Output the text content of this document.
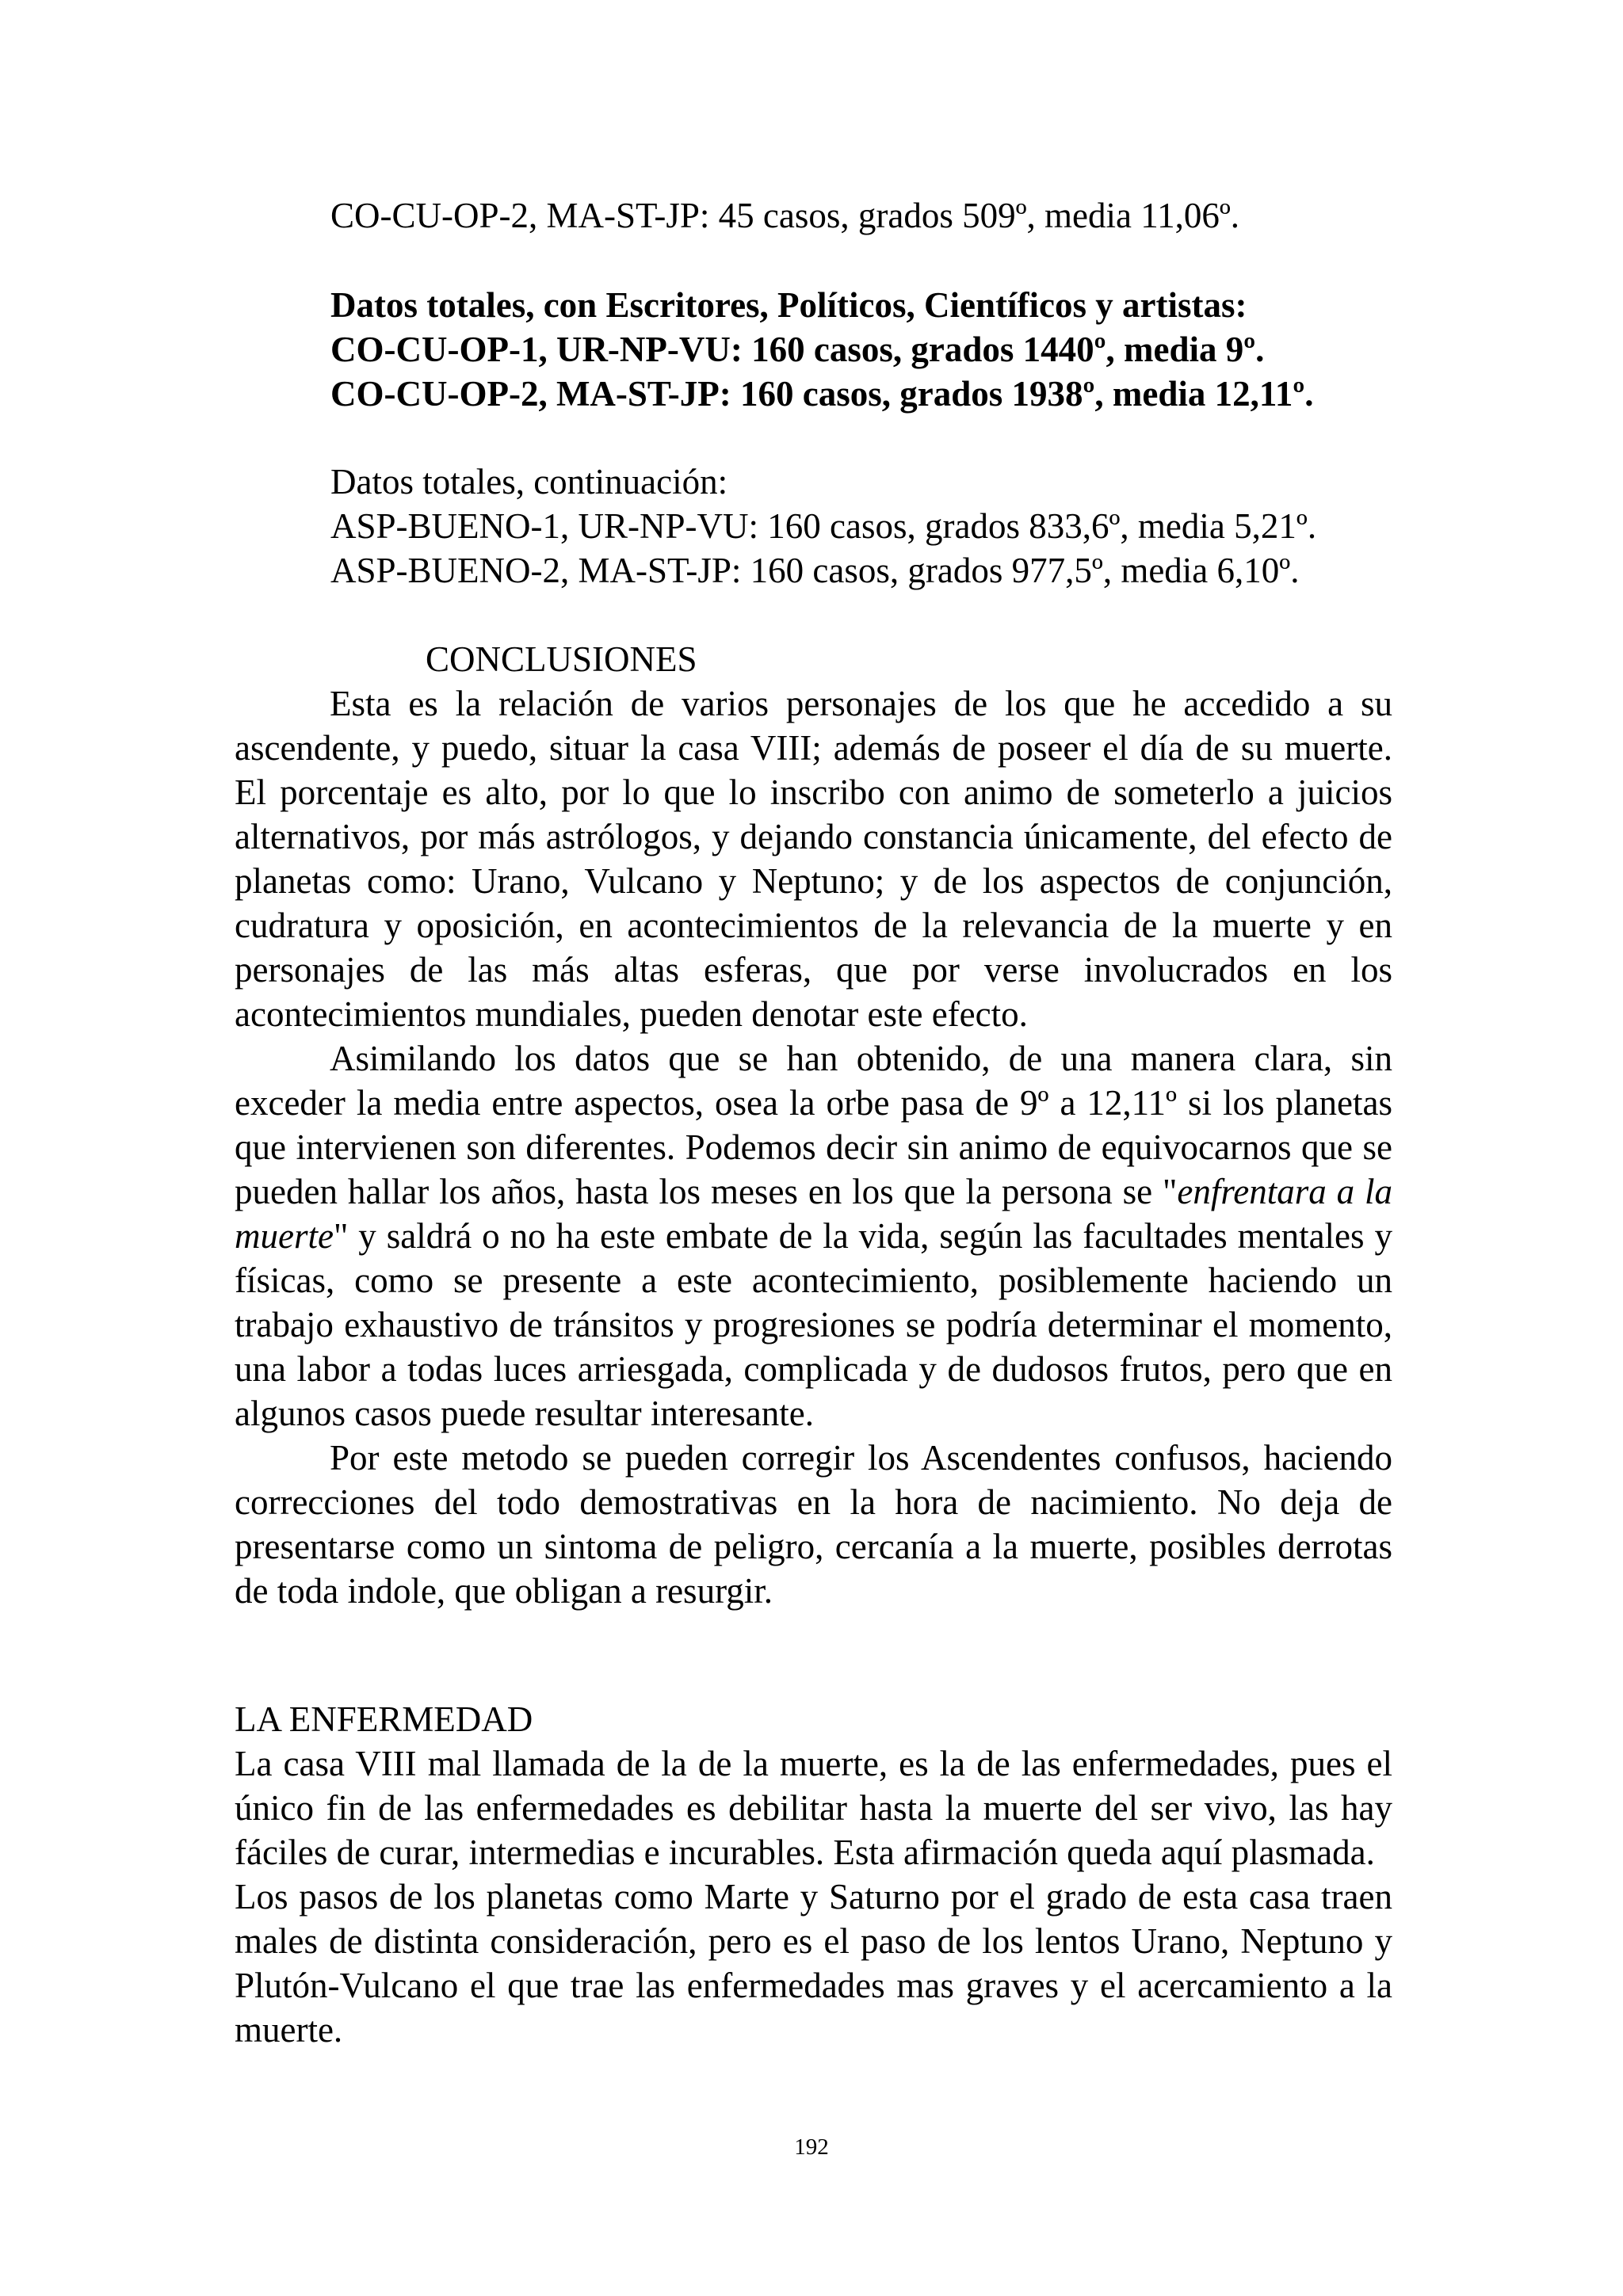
CO-CU-OP-2, MA-ST-JP: 45 casos, grados 509º, media 11,06º.
Datos totales, con Escritores, Políticos, Científicos y artistas:
CO-CU-OP-1, UR-NP-VU: 160 casos, grados 1440º, media 9º.
CO-CU-OP-2, MA-ST-JP: 160 casos, grados 1938º, media 12,11º.
Datos totales, continuación:
ASP-BUENO-1, UR-NP-VU: 160 casos, grados 833,6º, media 5,21º.
ASP-BUENO-2, MA-ST-JP: 160 casos, grados 977,5º, media 6,10º.
CONCLUSIONES
Esta es la relación de varios personajes de los que he accedido a su ascendente, y puedo, situar la casa VIII; además de poseer el día de su muerte. El porcentaje es alto, por lo que lo inscribo con animo de someterlo a juicios alternativos, por más astrólogos, y dejando constancia únicamente, del efecto de planetas como: Urano, Vulcano y Neptuno; y de los aspectos de conjunción, cudratura y oposición, en acontecimientos de la relevancia de la muerte y en personajes de las más altas esferas, que por verse involucrados en los acontecimientos mundiales, pueden denotar este efecto.
Asimilando los datos que se han obtenido, de una manera clara, sin exceder la media entre aspectos, osea la orbe pasa de 9º a 12,11º si los planetas que intervienen son diferentes. Podemos decir sin animo de equivocarnos que se pueden hallar los años, hasta los meses en los que la persona se "enfrentara a la muerte" y saldrá o no ha este embate de la vida, según las facultades mentales y físicas, como se presente a este acontecimiento, posiblemente haciendo un trabajo exhaustivo de tránsitos y progresiones se podría determinar el momento, una labor a todas luces arriesgada, complicada y de dudosos frutos, pero que en algunos casos puede resultar interesante.
Por este metodo se pueden corregir los Ascendentes confusos, haciendo correcciones del todo demostrativas en la hora de nacimiento. No deja de presentarse como un sintoma de peligro, cercanía a la muerte, posibles derrotas de toda indole, que obligan a resurgir.
LA ENFERMEDAD
La casa VIII mal llamada de la de la muerte, es la de las enfermedades, pues el único fin de las enfermedades es debilitar hasta la muerte del ser vivo, las hay fáciles de curar, intermedias e incurables. Esta afirmación queda aquí plasmada.
Los pasos de los planetas como Marte y Saturno por el grado de esta casa traen males de distinta consideración, pero es el paso de los lentos Urano, Neptuno y Plutón-Vulcano el que trae las enfermedades mas graves y el acercamiento a la muerte.
192
